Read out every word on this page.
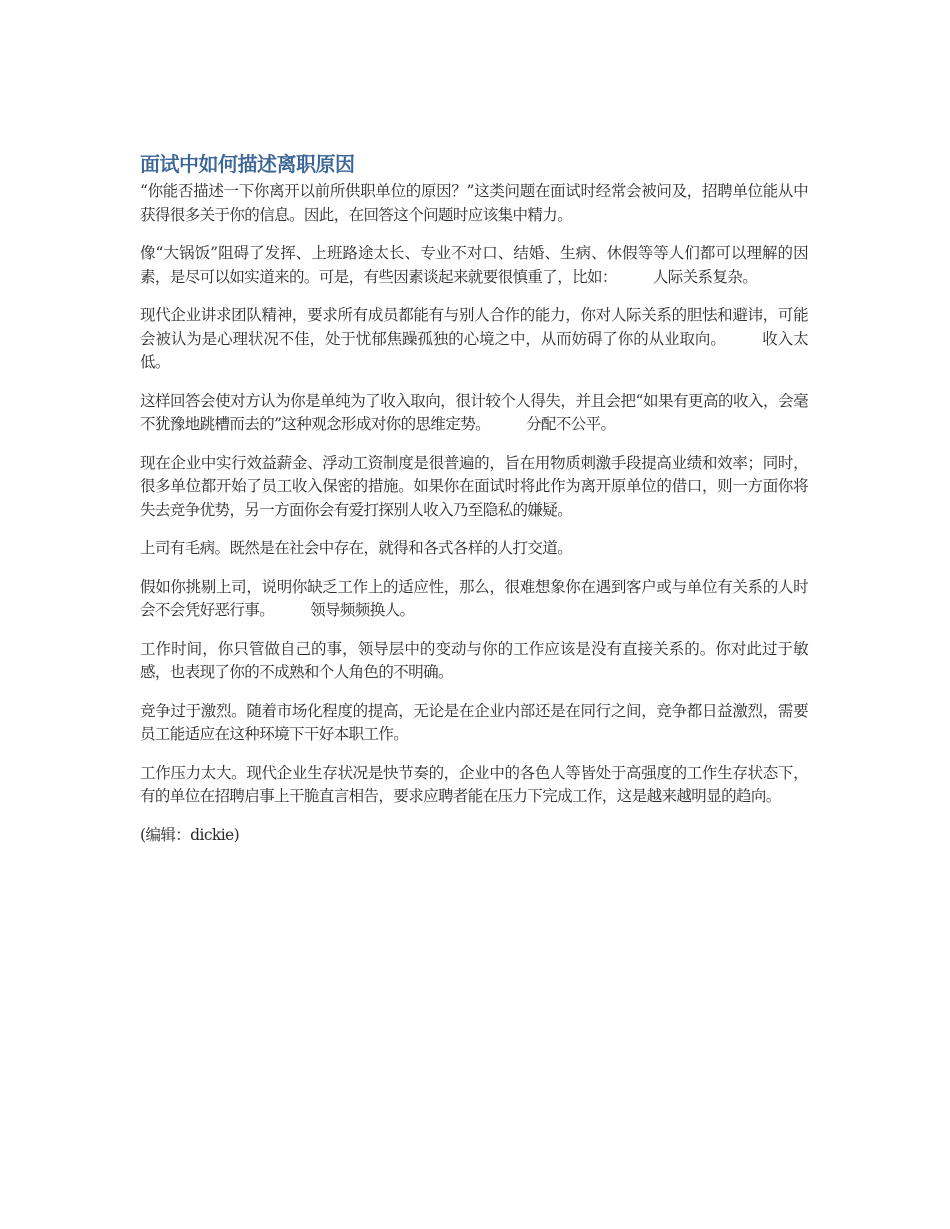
面试中如何描述离职原因

“你能否描述一下你离开以前所供职单位的原因？”这类问题在面试时经常会被问及，招聘单位能从中获得很多关于你的信息。因此，在回答这个问题时应该集中精力。

像“大锅饭”阻碍了发挥、上班路途太长、专业不对口、结婚、生病、休假等等人们都可以理解的因素，是尽可以如实道来的。可是，有些因素谈起来就要很慎重了，比如： 人际关系复杂。

现代企业讲求团队精神，要求所有成员都能有与别人合作的能力，你对人际关系的胆怯和避讳，可能会被认为是心理状况不佳，处于忧郁焦躁孤独的心境之中，从而妨碍了你的从业取向。 收入太低。

这样回答会使对方认为你是单纯为了收入取向，很计较个人得失，并且会把“如果有更高的收入，会毫不犹豫地跳槽而去的”这种观念形成对你的思维定势。 分配不公平。

现在企业中实行效益薪金、浮动工资制度是很普遍的，旨在用物质刺激手段提高业绩和效率；同时，很多单位都开始了员工收入保密的措施。如果你在面试时将此作为离开原单位的借口，则一方面你将失去竞争优势，另一方面你会有爱打探别人收入乃至隐私的嫌疑。

上司有毛病。既然是在社会中存在，就得和各式各样的人打交道。

假如你挑剔上司，说明你缺乏工作上的适应性，那么，很难想象你在遇到客户或与单位有关系的人时会不会凭好恶行事。 领导频频换人。

工作时间，你只管做自己的事，领导层中的变动与你的工作应该是没有直接关系的。你对此过于敏感，也表现了你的不成熟和个人角色的不明确。

竞争过于激烈。随着市场化程度的提高，无论是在企业内部还是在同行之间，竞争都日益激烈，需要员工能适应在这种环境下干好本职工作。

工作压力太大。现代企业生存状况是快节奏的，企业中的各色人等皆处于高强度的工作生存状态下，有的单位在招聘启事上干脆直言相告，要求应聘者能在压力下完成工作，这是越来越明显的趋向。

(编辑：dickie)
